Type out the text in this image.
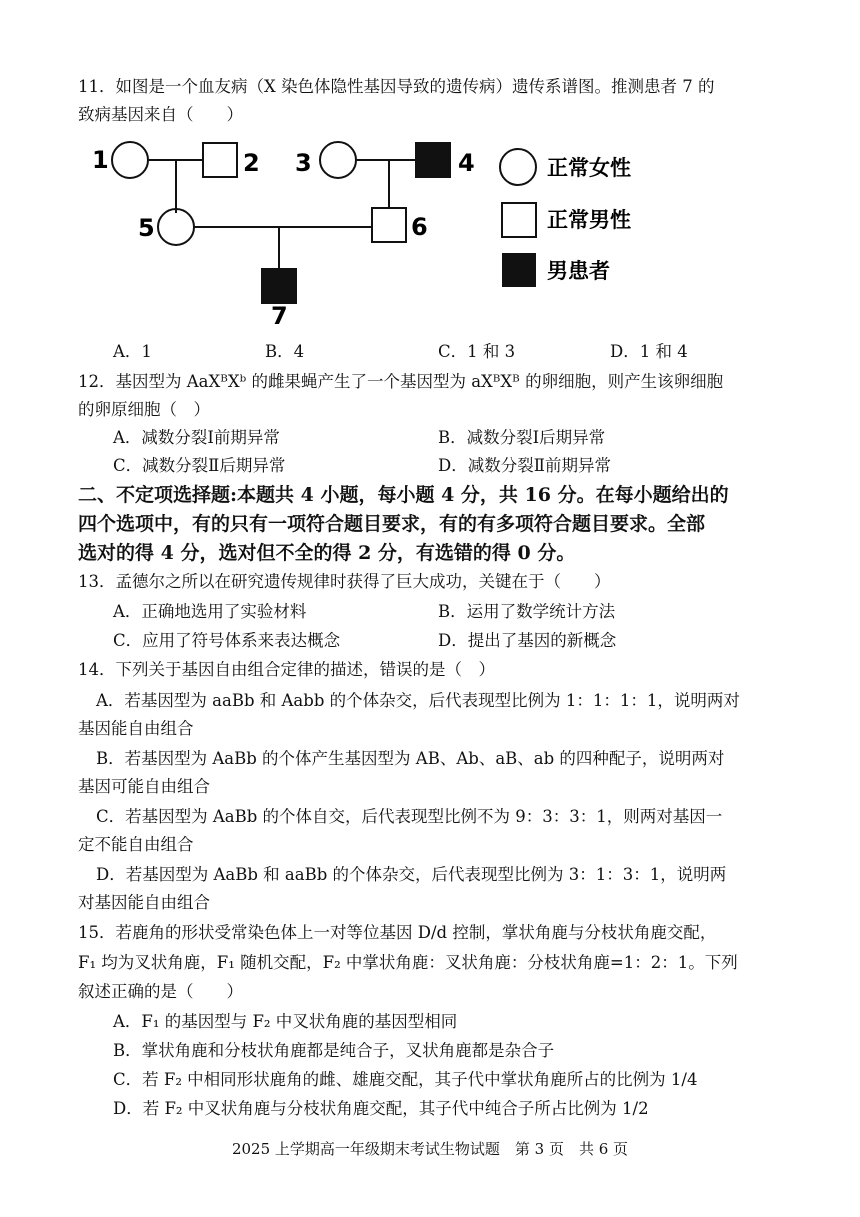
11．如图是一个血友病（X 染色体隐性基因导致的遗传病）遗传系谱图。推测患者 7 的
致病基因来自（　　）
1	2 3	4
5	6
7
正常女性
正常男性
男患者
A．1	B．4	C．1 和 3	D．1 和 4
12．基因型为 AaXᴮXᵇ 的雌果蝇产生了一个基因型为 aXᴮXᴮ 的卵细胞，则产生该卵细胞
的卵原细胞（　）
A．减数分裂Ⅰ前期异常	B．减数分裂Ⅰ后期异常
C．减数分裂Ⅱ后期异常	D．减数分裂Ⅱ前期异常
二、不定项选择题:本题共 4 小题，每小题 4 分，共 16 分。在每小题给出的
四个选项中，有的只有一项符合题目要求，有的有多项符合题目要求。全部
选对的得 4 分，选对但不全的得 2 分，有选错的得 0 分。
13．孟德尔之所以在研究遗传规律时获得了巨大成功，关键在于（　　）
A．正确地选用了实验材料	B．运用了数学统计方法
C．应用了符号体系来表达概念	D．提出了基因的新概念
14．下列关于基因自由组合定律的描述，错误的是（　）
A．若基因型为 aaBb 和 Aabb 的个体杂交，后代表现型比例为 1：1：1：1，说明两对
基因能自由组合
B．若基因型为 AaBb 的个体产生基因型为 AB、Ab、aB、ab 的四种配子，说明两对
基因可能自由组合
C．若基因型为 AaBb 的个体自交，后代表现型比例不为 9：3：3：1，则两对基因一
定不能自由组合
D．若基因型为 AaBb 和 aaBb 的个体杂交，后代表现型比例为 3：1：3：1，说明两
对基因能自由组合
15．若鹿角的形状受常染色体上一对等位基因 D/d 控制，掌状角鹿与分枝状角鹿交配，
F₁ 均为叉状角鹿，F₁ 随机交配，F₂ 中掌状角鹿：叉状角鹿：分枝状角鹿=1：2：1。下列
叙述正确的是（　　）
A．F₁ 的基因型与 F₂ 中叉状角鹿的基因型相同
B．掌状角鹿和分枝状角鹿都是纯合子，叉状角鹿都是杂合子
C．若 F₂ 中相同形状鹿角的雌、雄鹿交配，其子代中掌状角鹿所占的比例为 1/4
D．若 F₂ 中叉状角鹿与分枝状角鹿交配，其子代中纯合子所占比例为 1/2
2025 上学期高一年级期末考试生物试题　第 3 页　共 6 页
